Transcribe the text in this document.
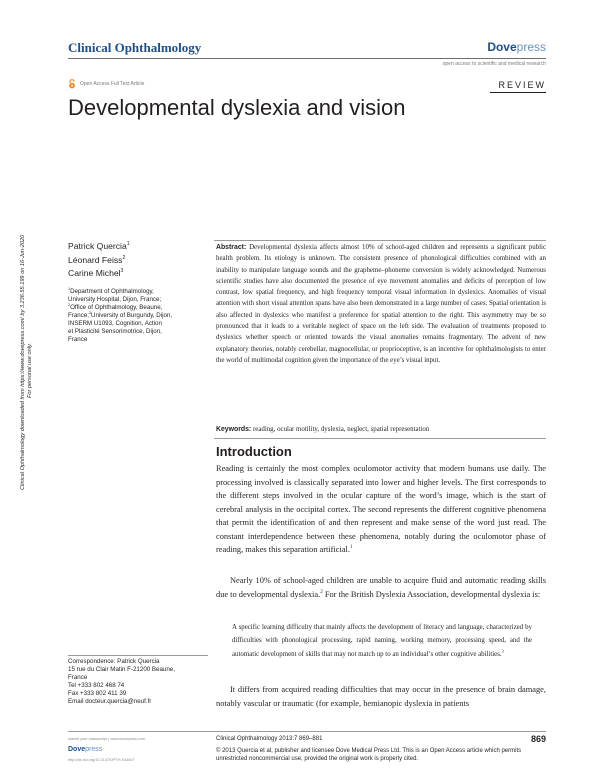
Clinical Ophthalmology	Dovepress
open access to scientific and medical research
Open Access Full Text Article	REVIEW
Developmental dyslexia and vision
Clinical Ophthalmology downloaded from https://www.dovepress.com/ by 3.236.55.199 on 16-Jun-2020 For personal use only.
Patrick Quercia$^1$
Léonard Feiss$^2$
Carine Michel$^3$
$^1$Department of Ophthalmology,
University Hospital, Dijon, France;
$^2$Office of Ophthalmology, Beaune,
France;$^3$University of Burgundy, Dijon,
INSERM U1093, Cognition, Action
et Plasticité Sensorimotrice, Dijon,
France
Correspondence: Patrick Quercia
15 rue du Clair Matin F-21200 Beaune,
France
Tel +333 802 468 74
Fax +333 802 411 39
Email docteur.quercia@neuf.fr
Abstract: Developmental dyslexia affects almost 10% of school-aged children and represents a significant public health problem. Its etiology is unknown. The consistent presence of phonological difficulties combined with an inability to manipulate language sounds and the grapheme–phoneme conversion is widely acknowledged. Numerous scientific studies have also documented the presence of eye movement anomalies and deficits of perception of low contrast, low spatial frequency, and high frequency temporal visual information in dyslexics. Anomalies of visual attention with short visual attention spans have also been demonstrated in a large number of cases. Spatial orientation is also affected in dyslexics who manifest a preference for spatial attention to the right. This asymmetry may be so pronounced that it leads to a veritable neglect of space on the left side. The evaluation of treatments proposed to dyslexics whether speech or oriented towards the visual anomalies remains fragmentary. The advent of new explanatory theories, notably cerebellar, magnocellular, or proprioceptive, is an incentive for ophthalmologists to enter the world of multimodal cognition given the importance of the eye’s visual input.
Keywords: reading, ocular motility, dyslexia, neglect, spatial representation
Introduction
Reading is certainly the most complex oculomotor activity that modern humans use daily. The processing involved is classically separated into lower and higher levels. The first corresponds to the different steps involved in the ocular capture of the word’s image, which is the start of cerebral analysis in the occipital cortex. The second represents the different cognitive phenomena that permit the identification of and then represent and make sense of the word just read. The constant interdependence between these phenomena, notably during the oculomotor phase of reading, makes this separation artificial.$^1$
Nearly 10% of school-aged children are unable to acquire fluid and automatic reading skills due to developmental dyslexia.$^2$ For the British Dyslexia Association, developmental dyslexia is:
A specific learning difficulty that mainly affects the development of literacy and language, characterized by difficulties with phonological processing, rapid naming, working memory, processing speed, and the automatic development of skills that may not match up to an individual’s other cognitive abilities.$^3$
It differs from acquired reading difficulties that may occur in the presence of brain damage, notably vascular or traumatic (for example, hemianopic dyslexia in patients
submit your manuscript | www.dovepress.com
Dovepress
http://dx.doi.org/10.2147/OPTH.S44607
Clinical Ophthalmology 2013:7 869–881	869
© 2013 Quercia et al, publisher and licensee Dove Medical Press Ltd. This is an Open Access article which permits unrestricted noncommercial use, provided the original work is properly cited.
